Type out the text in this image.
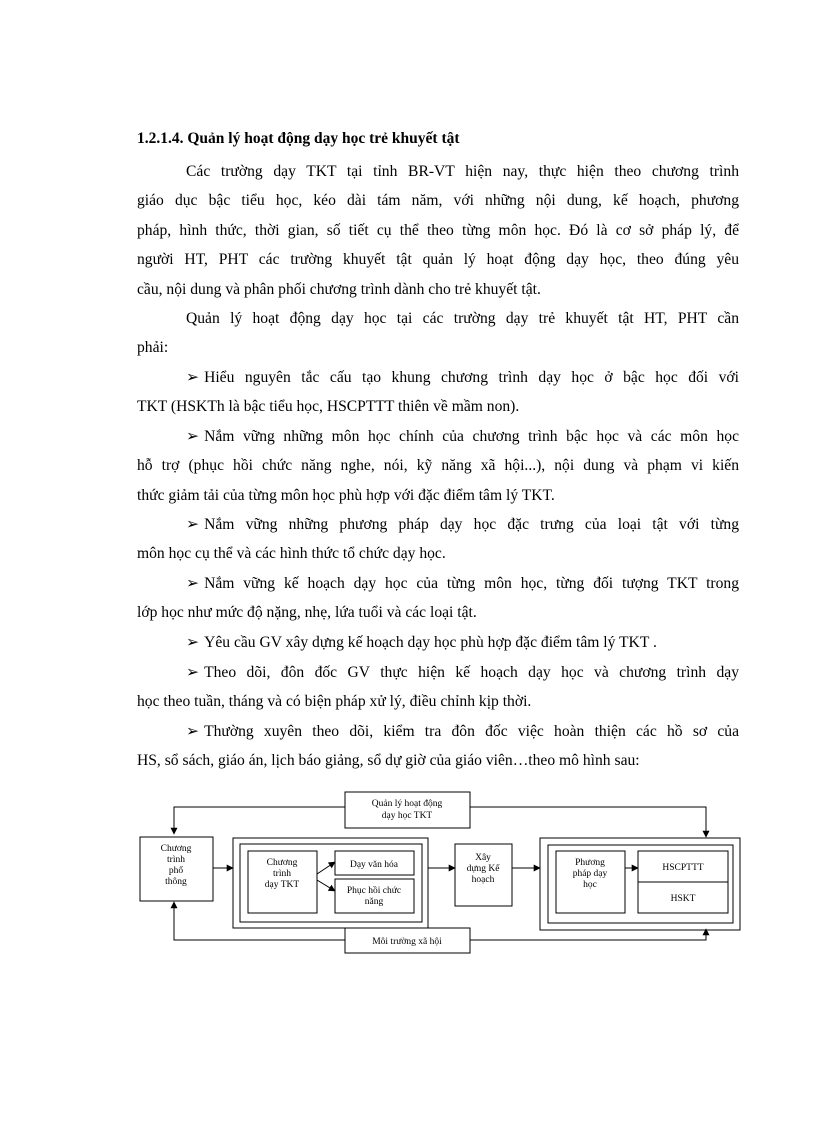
1.2.1.4. Quản lý hoạt động dạy học trẻ khuyết tật
Các trường dạy TKT tại tỉnh BR-VT hiện nay, thực hiện theo chương trình
giáo dục bậc tiểu học, kéo dài tám năm, với những nội dung, kế hoạch, phương
pháp, hình thức, thời gian, số tiết cụ thể theo từng môn học. Đó là cơ sở pháp lý, để
người HT, PHT các trường khuyết tật quản lý hoạt động dạy học, theo đúng yêu
cầu, nội dung và phân phối chương trình dành cho trẻ khuyết tật.
Quản lý hoạt động dạy học tại các trường dạy trẻ khuyết tật HT, PHT cần
phải:
➢ Hiểu nguyên tắc cấu tạo khung chương trình dạy học ở bậc học đối với
TKT (HSKTh là bậc tiểu học, HSCPTTT thiên về mầm non).
➢ Nắm vững những môn học chính của chương trình bậc học và các môn học
hỗ trợ (phục hồi chức năng nghe, nói, kỹ năng xã hội...), nội dung và phạm vi kiến
thức giảm tải của từng môn học phù hợp với đặc điểm tâm lý TKT.
➢ Nắm vững những phương pháp dạy học đặc trưng của loại tật với từng
môn học cụ thể và các hình thức tổ chức dạy học.
➢ Nắm vững kế hoạch dạy học của từng môn học, từng đối tượng TKT trong
lớp học như mức độ nặng, nhẹ, lứa tuổi và các loại tật.
➢ Yêu cầu GV xây dựng kế hoạch dạy học phù hợp đặc điểm tâm lý TKT .
➢ Theo dõi, đôn đốc GV thực hiện kế hoạch dạy học và chương trình dạy
học theo tuần, tháng và có biện pháp xử lý, điều chỉnh kịp thời.
➢ Thường xuyên theo dõi, kiểm tra đôn đốc việc hoàn thiện các hồ sơ của
HS, sổ sách, giáo án, lịch báo giảng, sổ dự giờ của giáo viên…theo mô hình sau:
Quản lý hoạt động
dạy học TKT
Chương
trình
phổ
thông
Chương
trình
dạy TKT
Dạy văn hóa
Phục hồi chức
năng
Xây
dựng Kế
hoạch
Phương
pháp dạy
học
HSCPTTT
HSKT
Môi trường xã hội
